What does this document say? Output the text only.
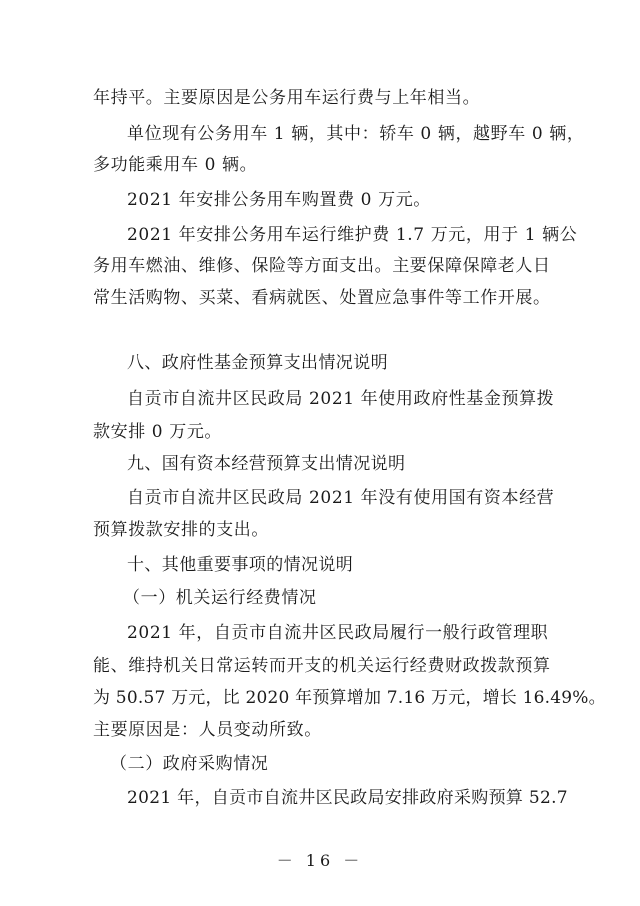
年持平。主要原因是公务用车运行费与上年相当。
单位现有公务用车 1 辆，其中：轿车 0 辆，越野车 0 辆，
多功能乘用车 0 辆。
2021 年安排公务用车购置费 0 万元。
2021 年安排公务用车运行维护费 1.7 万元，用于 1 辆公
务用车燃油、维修、保险等方面支出。主要保障保障老人日
常生活购物、买菜、看病就医、处置应急事件等工作开展。
八、政府性基金预算支出情况说明
自贡市自流井区民政局 2021 年使用政府性基金预算拨
款安排 0 万元。
九、国有资本经营预算支出情况说明
自贡市自流井区民政局 2021 年没有使用国有资本经营
预算拨款安排的支出。
十、其他重要事项的情况说明
（一）机关运行经费情况
2021 年，自贡市自流井区民政局履行一般行政管理职
能、维持机关日常运转而开支的机关运行经费财政拨款预算
为 50.57 万元，比 2020 年预算增加 7.16 万元，增长 16.49%。
主要原因是：人员变动所致。
（二）政府采购情况
2021 年，自贡市自流井区民政局安排政府采购预算 52.7
－ 16 －
